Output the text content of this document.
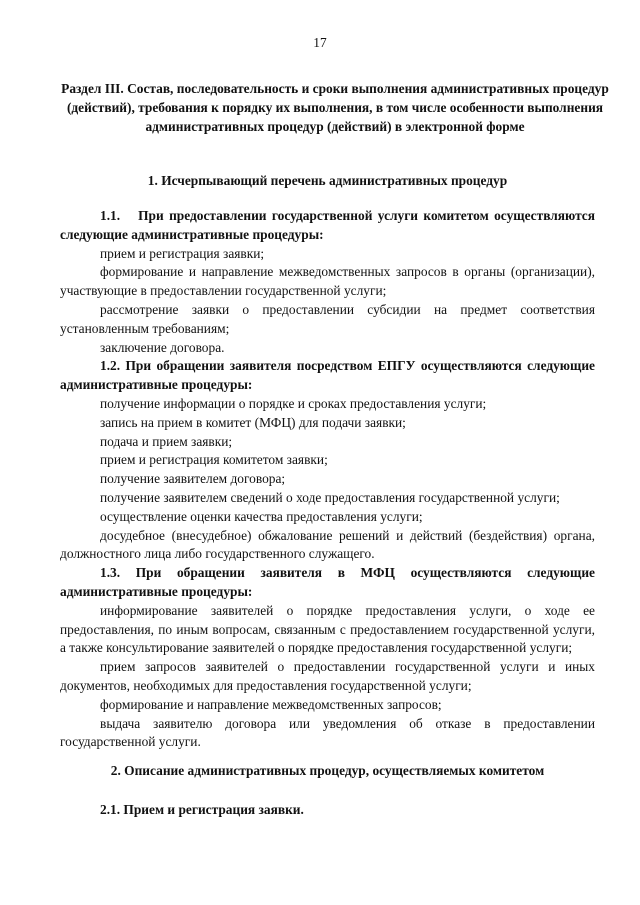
17
Раздел III. Состав, последовательность и сроки выполнения административных процедур (действий), требования к порядку их выполнения, в том числе особенности выполнения административных процедур (действий) в электронной форме
1. Исчерпывающий перечень административных процедур

1.1. При предоставлении государственной услуги комитетом осуществляются следующие административные процедуры:

прием и регистрация заявки;

формирование и направление межведомственных запросов в органы (организации), участвующие в предоставлении государственной услуги;

рассмотрение заявки о предоставлении субсидии на предмет соответствия установленным требованиям;

заключение договора.

1.2. При обращении заявителя посредством ЕПГУ осуществляются следующие административные процедуры:

получение информации о порядке и сроках предоставления услуги;

запись на прием в комитет (МФЦ) для подачи заявки;

подача и прием заявки;

прием и регистрация комитетом заявки;

получение заявителем договора;

получение заявителем сведений о ходе предоставления государственной услуги;

осуществление оценки качества предоставления услуги;

досудебное (внесудебное) обжалование решений и действий (бездействия) органа, должностного лица либо государственного служащего.

1.3. При обращении заявителя в МФЦ осуществляются следующие административные процедуры:

информирование заявителей о порядке предоставления услуги, о ходе ее предоставления, по иным вопросам, связанным с предоставлением государственной услуги, а также консультирование заявителей о порядке предоставления государственной услуги;

прием запросов заявителей о предоставлении государственной услуги и иных документов, необходимых для предоставления государственной услуги;

формирование и направление межведомственных запросов;

выдача заявителю договора или уведомления об отказе в предоставлении государственной услуги.

2. Описание административных процедур, осуществляемых комитетом
2.1. Прием и регистрация заявки.
